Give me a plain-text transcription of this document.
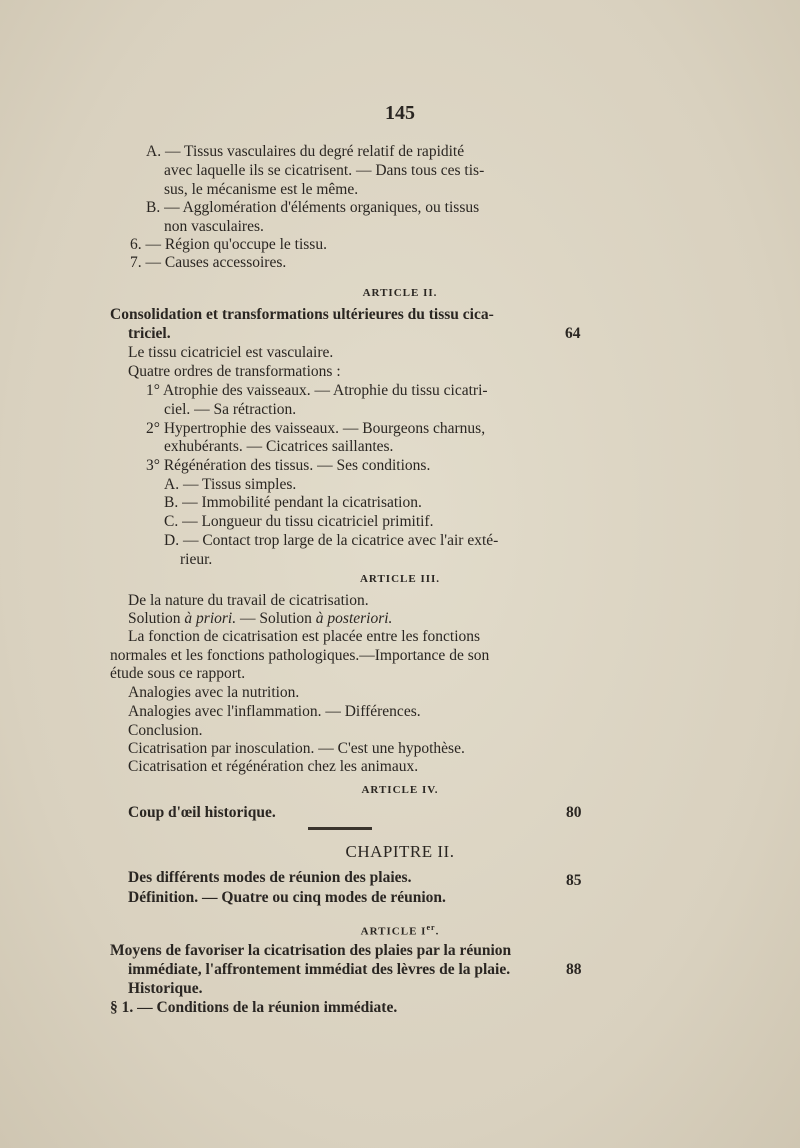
145
A. — Tissus vasculaires du degré relatif de rapidité
avec laquelle ils se cicatrisent. — Dans tous ces tis-
sus, le mécanisme est le même.
B. — Agglomération d'éléments organiques, ou tissus
non vasculaires.
6. — Région qu'occupe le tissu.
7. — Causes accessoires.
ARTICLE II.
Consolidation et transformations ultérieures du tissu cica-
triciel.	64
Le tissu cicatriciel est vasculaire.
Quatre ordres de transformations :
1° Atrophie des vaisseaux. — Atrophie du tissu cicatri-
ciel. — Sa rétraction.
2° Hypertrophie des vaisseaux. — Bourgeons charnus,
exhubérants. — Cicatrices saillantes.
3° Régénération des tissus. — Ses conditions.
A. — Tissus simples.
B. — Immobilité pendant la cicatrisation.
C. — Longueur du tissu cicatriciel primitif.
D. — Contact trop large de la cicatrice avec l'air exté-
rieur.
ARTICLE III.
De la nature du travail de cicatrisation.
Solution à priori. — Solution à posteriori.
La fonction de cicatrisation est placée entre les fonctions
normales et les fonctions pathologiques.—Importance de son
étude sous ce rapport.
Analogies avec la nutrition.
Analogies avec l'inflammation. — Différences.
Conclusion.
Cicatrisation par inosculation. — C'est une hypothèse.
Cicatrisation et régénération chez les animaux.
ARTICLE IV.
Coup d'œil historique.	80
CHAPITRE II.
Des différents modes de réunion des plaies.	85
Définition. — Quatre ou cinq modes de réunion.
ARTICLE Ier.
Moyens de favoriser la cicatrisation des plaies par la réunion
immédiate, l'affrontement immédiat des lèvres de la plaie.	88
Historique.
§ 1. — Conditions de la réunion immédiate.
